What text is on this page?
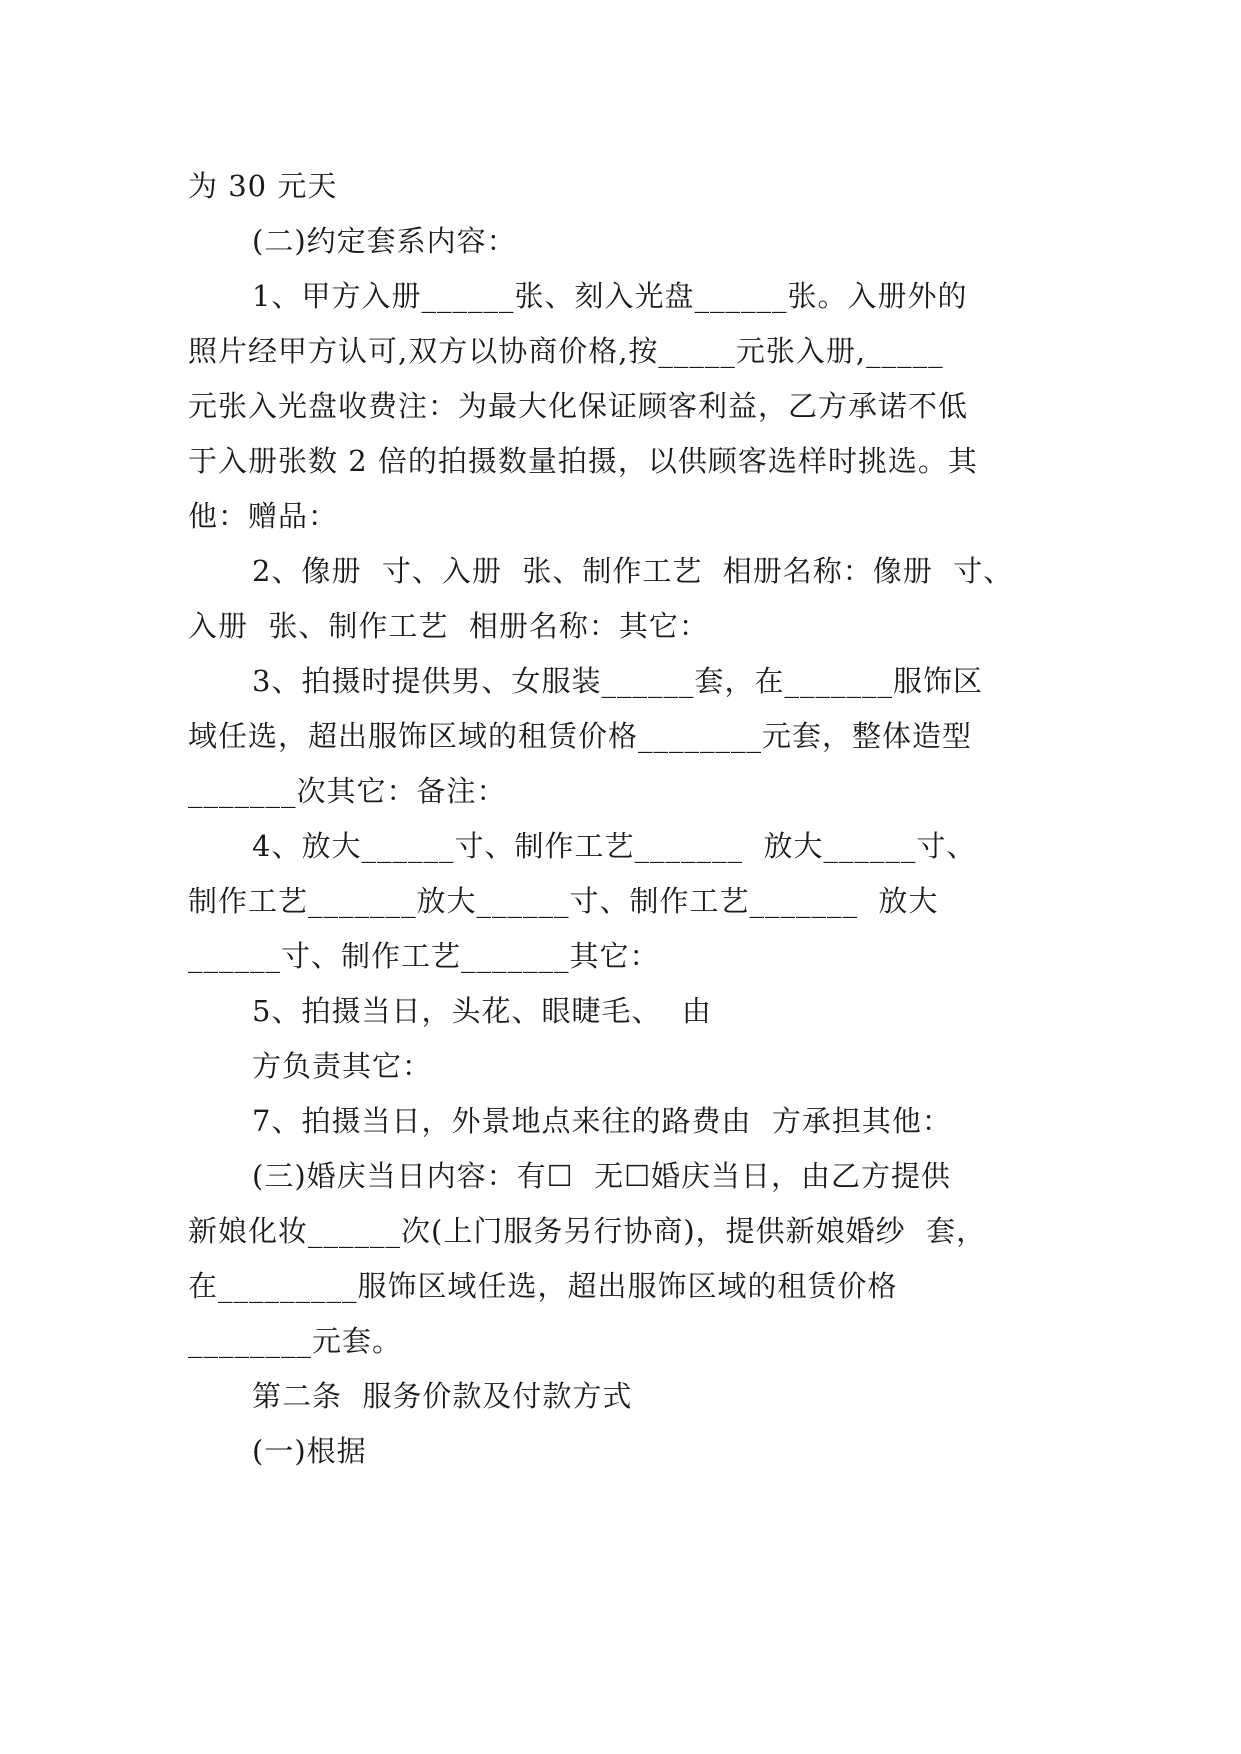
为 30 元天
(二)约定套系内容：
1、甲方入册______张、刻入光盘______张。入册外的
照片经甲方认可,双方以协商价格,按_____元张入册,_____
元张入光盘收费注：为最大化保证顾客利益，乙方承诺不低
于入册张数 2 倍的拍摄数量拍摄，以供顾客选样时挑选。其
他：赠品：
2、像册  寸、入册  张、制作工艺  相册名称：像册  寸、
入册  张、制作工艺  相册名称：其它：
3、拍摄时提供男、女服装______套，在_______服饰区
域任选，超出服饰区域的租赁价格________元套，整体造型
_______次其它：备注：
4、放大______寸、制作工艺_______  放大______寸、
制作工艺_______放大______寸、制作工艺_______  放大
______寸、制作工艺_______其它：
5、拍摄当日，头花、眼睫毛、  由
方负责其它：
7、拍摄当日，外景地点来往的路费由  方承担其他：
(三)婚庆当日内容：有☐  无☐婚庆当日，由乙方提供
新娘化妆______次(上门服务另行协商)，提供新娘婚纱  套，
在_________服饰区域任选，超出服饰区域的租赁价格
________元套。
第二条  服务价款及付款方式
(一)根据
